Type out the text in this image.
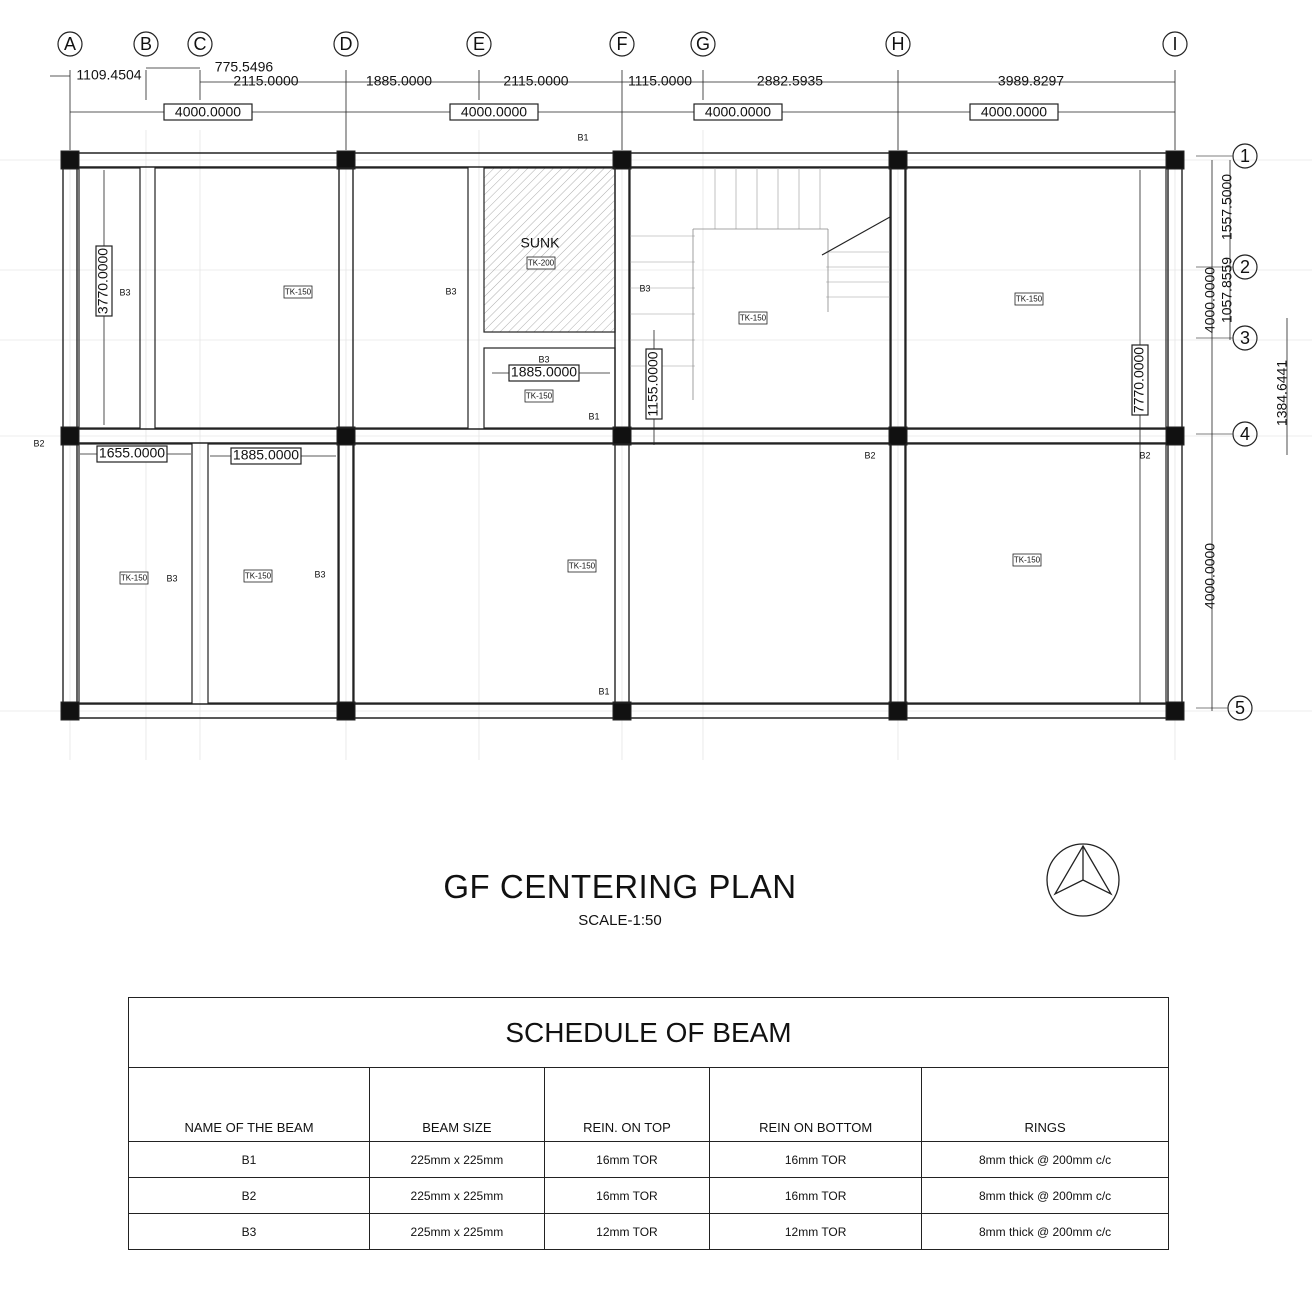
A	B C	D	E	F	G	H	I
1
2
3
4
5
TK-150
TK-200
TK-150
TK-150
TK-150
TK-150	TK-150
TK-150
TK-150
SUNK
B1
B1
B1
B2
B2	B2
B3	B3
B3
B3
B3	B3
1109.4504	775.5496
2115.0000	1885.0000	2115.0000	1115.0000	2882.5935	3989.8297
4000.0000	4000.0000	4000.0000	4000.0000
1557.5000
1057.8559
4000.0000
1384.6441
4000.0000
3770.0000
1885.0000	1155.0000	7770.0000
1655.0000	1885.0000
GF CENTERING PLAN
SCALE-1:50
SCHEDULE OF BEAM				
NAME OF THE BEAM	BEAM SIZE	REIN. ON TOP	REIN ON BOTTOM	RINGS
B1	225mm x 225mm	16mm TOR	16mm TOR	8mm thick @ 200mm c/c
B2	225mm x 225mm	16mm TOR	16mm TOR	8mm thick @ 200mm c/c
B3	225mm x 225mm	12mm TOR	12mm TOR	8mm thick @ 200mm c/c
